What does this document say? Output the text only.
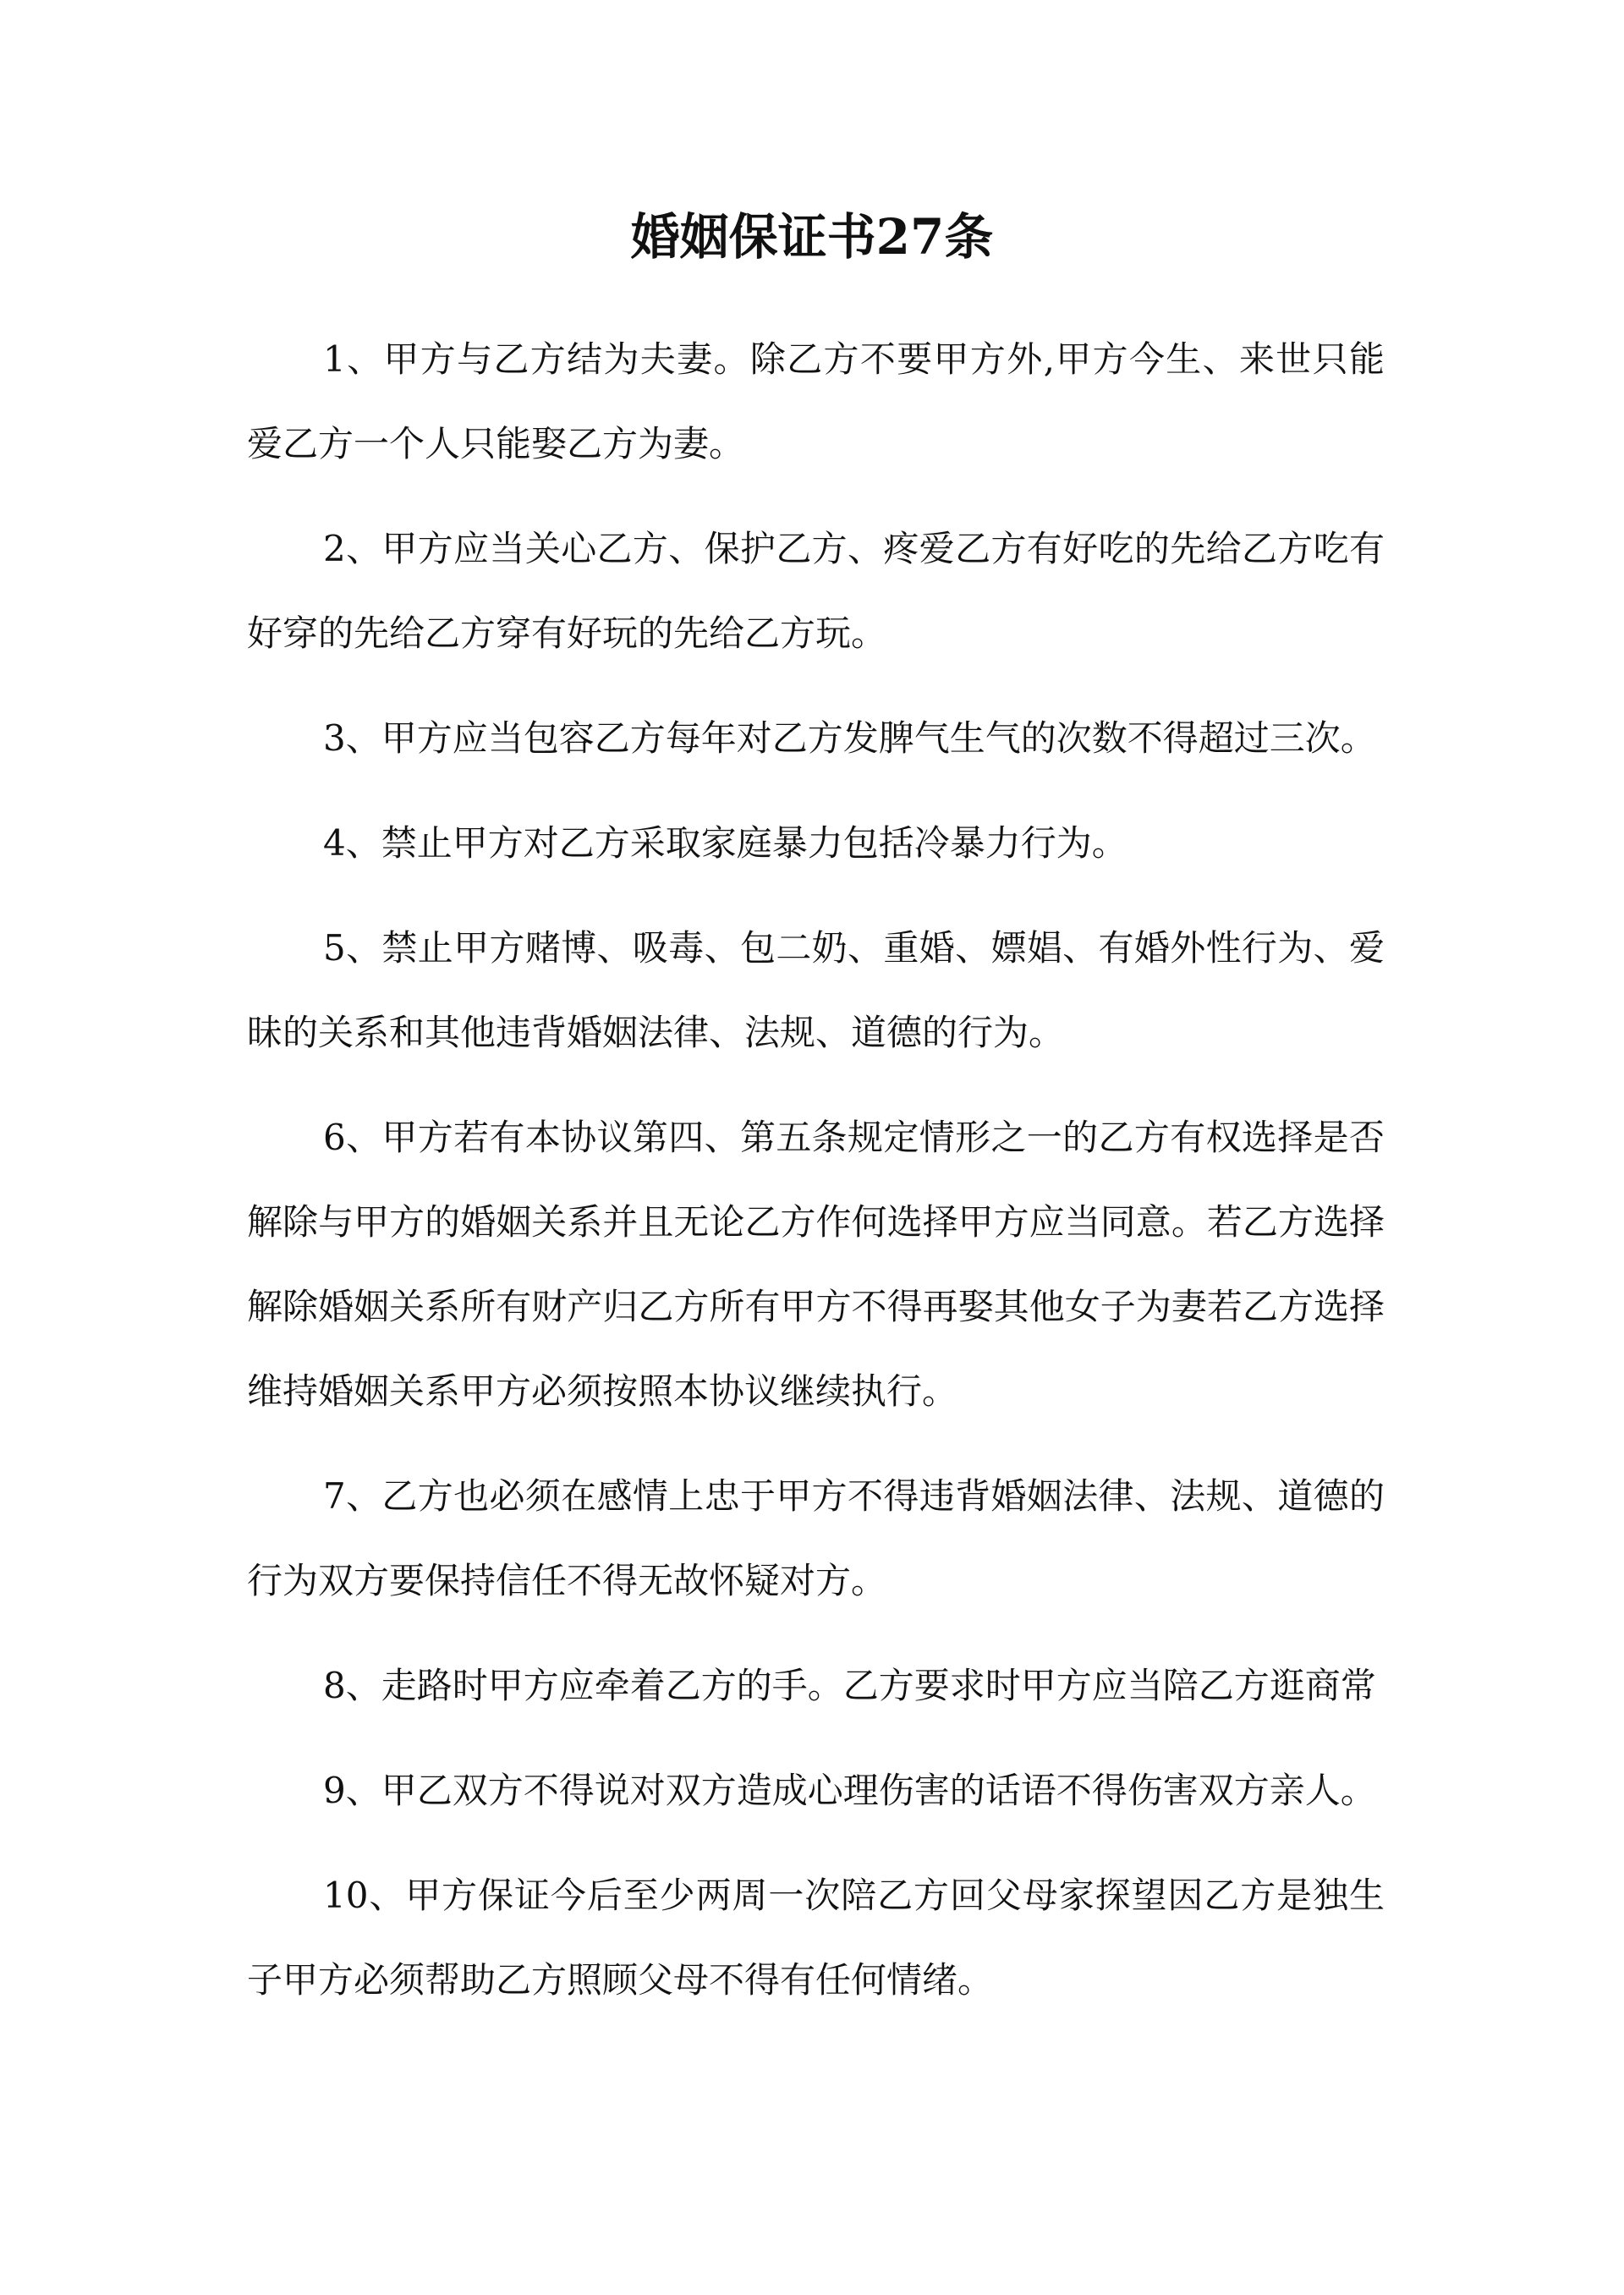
婚姻保证书27条

1、甲方与乙方结为夫妻。除乙方不要甲方外,甲方今生、来世只能爱乙方一个人只能娶乙方为妻。

2、甲方应当关心乙方、保护乙方、疼爱乙方有好吃的先给乙方吃有好穿的先给乙方穿有好玩的先给乙方玩。

3、甲方应当包容乙方每年对乙方发脾气生气的次数不得超过三次。

4、禁止甲方对乙方采取家庭暴力包括冷暴力行为。

5、禁止甲方赌博、吸毒、包二奶、重婚、嫖娼、有婚外性行为、爱昧的关系和其他违背婚姻法律、法规、道德的行为。

6、甲方若有本协议第四、第五条规定情形之一的乙方有权选择是否解除与甲方的婚姻关系并且无论乙方作何选择甲方应当同意。若乙方选择解除婚姻关系所有财产归乙方所有甲方不得再娶其他女子为妻若乙方选择维持婚姻关系甲方必须按照本协议继续执行。

7、乙方也必须在感情上忠于甲方不得违背婚姻法律、法规、道德的行为双方要保持信任不得无故怀疑对方。

8、走路时甲方应牵着乙方的手。乙方要求时甲方应当陪乙方逛商常

9、甲乙双方不得说对双方造成心理伤害的话语不得伤害双方亲人。

10、甲方保证今后至少两周一次陪乙方回父母家探望因乙方是独生子甲方必须帮助乙方照顾父母不得有任何情绪。
